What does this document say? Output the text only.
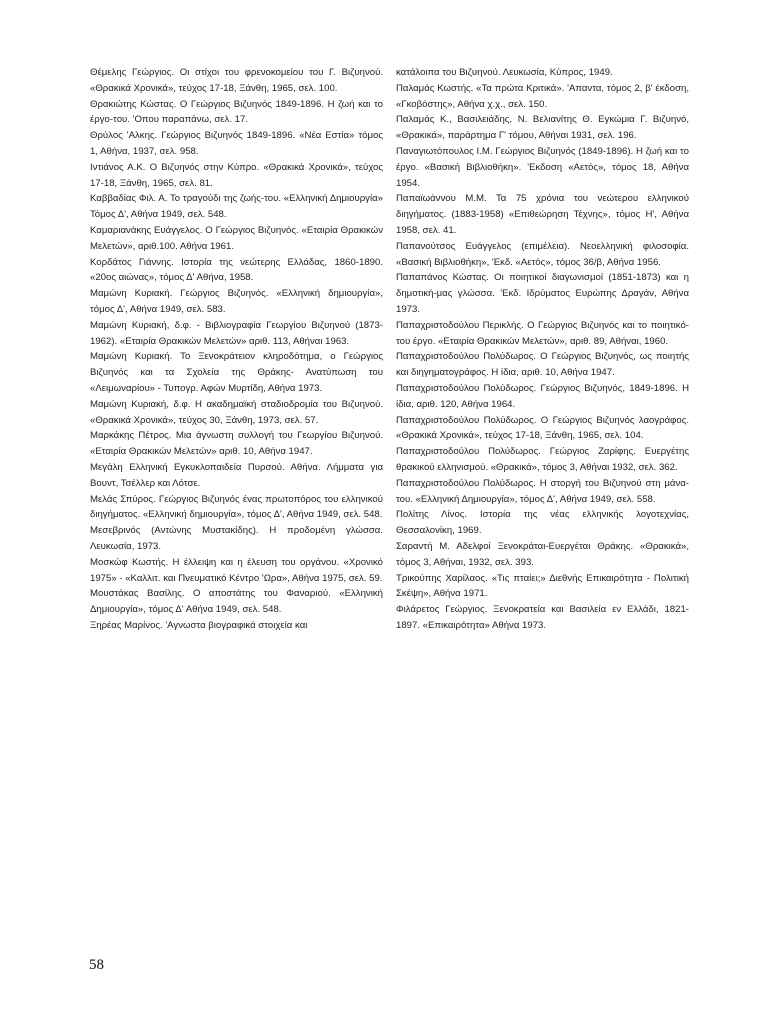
Θέμελης Γεώργιος. Οι στίχοι του φρενοκομείου του Γ. Βιζυηνού. «Θρακικά Χρονικά», τεύχος 17-18, Ξάνθη, 1965, σελ. 100.

Θρακιώτης Κώστας. Ο Γεώργιος Βιζυηνός 1849-1896. Η ζωή και το έργο-του. 'Οπου παραπάνω, σελ. 17.

Θρύλος 'Αλκης. Γεώργιος Βιζυηνός 1849-1896. «Νέα Εστία» τόμος 1, Αθήνα, 1937, σελ. 958.

Ιντιάνος Α.Κ. Ο Βιζυηνός στην Κύπρο. «Θρακικά Χρονικά», τεύχος 17-18, Ξάνθη, 1965, σελ. 81.

Καββαδίας Φιλ. Α. Το τραγούδι της ζωής-του. «Ελληνική Δημιουργία» Τόμος Δ', Αθήνα 1949, σελ. 548.

Καμαριανάκης Ευάγγελος. Ο Γεώργιος Βιζυηνός. «Εταιρία Θρακικών Μελετών», αριθ.100. Αθήνα 1961.

Κορδάτος Γιάννης. Ιστορία της νεώτερης Ελλάδας, 1860-1890. «20ος αιώνας», τόμος Δ' Αθήνα, 1958.

Μαμώνη Κυριακή. Γεώργιος Βιζυηνός. «Ελληνική δημιουργία», τόμος Δ', Αθήνα 1949, σελ. 583.

Μαμώνη Κυριακή, δ.φ. - Βιβλιογραφία Γεωργίου Βιζυηνού (1873-1962). «Εταιρία Θρακικών Μελετών» αριθ. 113, Αθήναι 1963.

Μαμώνη Κυριακή. Το Ξενοκράτειον κληροδότημα, ο Γεώργιος Βιζυηνός και τα Σχολεία της Θράκης- Ανατύπωση του «Λειμωναρίου» - Τυπογρ. Αφών Μυρτίδη, Αθήνα 1973.

Μαμώνη Κυριακή, δ.φ. Η ακαδημαϊκή σταδιοδρομία του Βιζυηνού. «Θρακικά Χρονικά», τεύχος 30, Ξάνθη, 1973, σελ. 57.

Μαρκάκης Πέτρος. Μια άγνωστη συλλογή του Γεωργίου Βιζυηνού. «Εταιρία Θρακικών Μελετών» αριθ. 10, Αθήνα 1947.

Μεγάλη Ελληνική Εγκυκλοπαιδεία Πυρσού. Αθήνα. Λήμματα για Βουντ, Τσέλλερ και Λότσε.

Μελάς Σπύρος. Γεώργιος Βιζυηνός ένας πρωτοπόρος του ελληνικού διηγήματος. «Ελληνική δημιουργία», τόμος Δ', Αθήνα 1949, σελ. 548.

Μεσεβρινός (Αντώνης Μυστακίδης). Η προδομένη γλώσσα. Λευκωσία, 1973.

Μοσκώφ Κωστής. Η έλλειψη και η έλευση του οργάνου. «Χρονικό 1975» - «Καλλιτ. και Πνευματικό Κέντρο 'Ωρα», Αθήνα 1975, σελ. 59.

Μουστάκας Βασίλης. Ο αποστάτης του Φαναριού. «Ελληνική Δημιουργία», τόμος Δ' Αθήνα 1949, σελ. 548.

Ξηρέας Μαρίνος. 'Αγνωστα βιογραφικά στοιχεία και

κατάλοιπα του Βιζυηνού. Λευκωσία, Κύπρος, 1949.

Παλαμάς Κωστής. «Τα πρώτα Κριτικά». 'Απαντα, τόμος 2, β' έκδοση, «Γκοβόστης», Αθήνα χ.χ., σελ. 150.

Παλαμάς Κ., Βασιλειάδης, Ν. Βελιανίτης Θ. Εγκώμια Γ. Βιζυηνό, «Θρακικά», παράρτημα Γ' τόμου, Αθήναι 1931, σελ. 196.

Παναγιωτόπουλος Ι.Μ. Γεώργιος Βιζυηνός (1849-1896). Η ζωή και το έργο. «Βασική Βιβλιοθήκη». 'Εκδοση «Αετός», τόμος 18, Αθήνα 1954.

Παπαϊωάννου Μ.Μ. Τα 75 χρόνια του νεώτερου ελληνικού διηγήματος. (1883-1958) «Επιθεώρηση Τέχνης», τόμος Η', Αθήνα 1958, σελ. 41.

Παπανούτσος Ευάγγελος (επιμέλεια). Νεοελληνική φιλοσοφία. «Βασική Βιβλιοθήκη», 'Εκδ. «Αετός», τόμος 36/β, Αθήνα 1956.

Παπαπάνος Κώστας. Οι ποιητικοί διαγωνισμοί (1851-1873) και η δημοτική-μας γλώσσα. 'Εκδ. Ιδρύματος Ευρώπης Δραγάν, Αθήνα 1973.

Παπαχριστοδούλου Περικλής. Ο Γεώργιος Βιζυηνός και το ποιητικό-του έργο. «Εταιρία Θρακικών Μελετών», αριθ. 89, Αθήναι, 1960.

Παπαχριστοδούλου Πολύδωρος. Ο Γεώργιος Βιζυηνός, ως ποιητής και διηγηματογράφος. Η ίδια, αριθ. 10, Αθήνα 1947.

Παπαχριστοδούλου Πολύδωρος. Γεώργιος Βιζυηνός, 1849-1896. Η ίδια, αριθ. 120, Αθήνα 1964.

Παπαχριστοδούλου Πολύδωρος. Ο Γεώργιος Βιζυηνός λαογράφος. «Θρακικά Χρονικά», τεύχος 17-18, Ξάνθη, 1965, σελ. 104.

Παπαχριστοδούλου Πολύδωρος. Γεώργιος Ζαρίφης. Ευεργέτης θρακικού ελληνισμού. «Θρακικά», τόμος 3, Αθήναι 1932, σελ. 362.

Παπαχριστοδούλου Πολύδωρος. Η στοργή του Βιζυηνού στη μάνα-του. «Ελληνική Δημιουργία», τόμος Δ', Αθήνα 1949, σελ. 558.

Πολίτης Λίνος. Ιστορία της νέας ελληνικής λογοτεχνίας, Θεσσαλονίκη, 1969.

Σαραντή Μ. Αδελφοί Ξενοκράται-Ευεργέται Θράκης. «Θρακικά», τόμος 3, Αθήναι, 1932, σελ. 393.

Τρικούπης Χαρίλαος. «Τις πταίει;» Διεθνής Επικαιρότητα - Πολιτική Σκέψη», Αθήνα 1971.

Φιλάρετος Γεώργιος. Ξενοκρατεία και Βασιλεία εν Ελλάδι, 1821-1897. «Επικαιρότητα» Αθήνα 1973.

58
